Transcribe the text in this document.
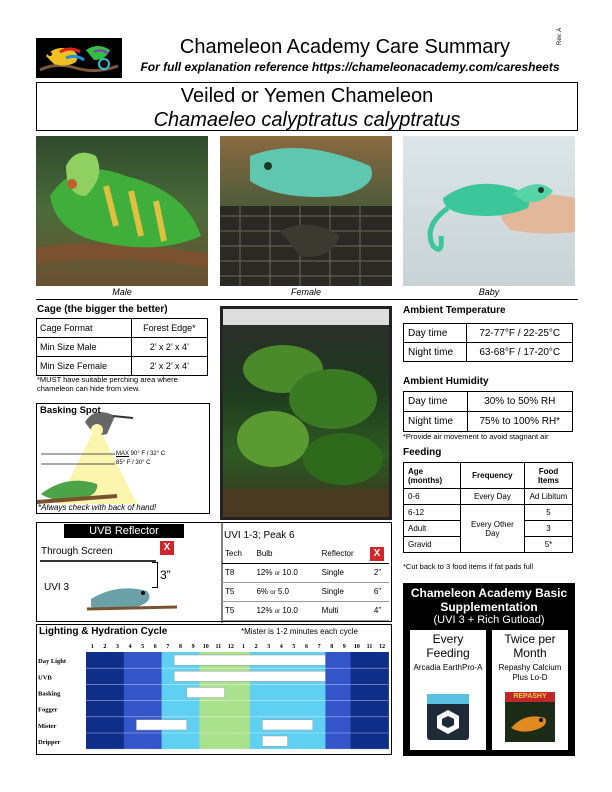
Chameleon Academy Care Summary
For full explanation reference https://chameleonacademy.com/caresheets
Rev. A
Veiled or Yemen Chameleon
Chamaeleo calyptratus calyptratus
Male	Female	Baby
Cage (the bigger the better)
Cage Format	Forest Edge*
Min Size Male	2’ x 2’ x 4’
Min Size Female	2’ x 2’ x 4’
*MUST have suitable perching area where chameleon can hide from view.
Basking Spot
MAX 90° F / 32° C
85° F / 30° C
*Always check with back of hand!
Ambient Temperature
Day time	72-77°F / 22-25°C
Night time	63-68°F / 17-20°C
Ambient Humidity
Day time	30% to 50% RH
Night time	75% to 100% RH*
*Provide air movement to avoid stagnant air
Feeding
Age (months)	Frequency	Food Items
0-6	Every Day	Ad Libitum
6-12	Every Other Day	5
Adult		3
Gravid		5*
*Cut back to 3 food items if fat pads full
UVB Reflector
Through Screen	X
UVI 3
3”
UVI 1-3; Peak 6
Tech	Bulb	Reflector	
T8	12% or 10.0	Single	2”
T5	6% or 5.0	Single	6”
T5	12% or 10.0	Multi	4”
X
Lighting & Hydration Cycle	*Mister is 1-2 minutes each cycle
1 2 3 4 5 6 7 8 9 10 11 12 1 2 3 4 5 6 7 8 9 10 11 12
Day Light
UVB
Basking
Fogger
Mister
Dripper
Chameleon Academy Basic Supplementation
(UVI 3 + Rich Gutload)
Every Feeding
Arcadia EarthPro-A
Twice per Month
Repashy Calcium Plus Lo-D
REPASHY
